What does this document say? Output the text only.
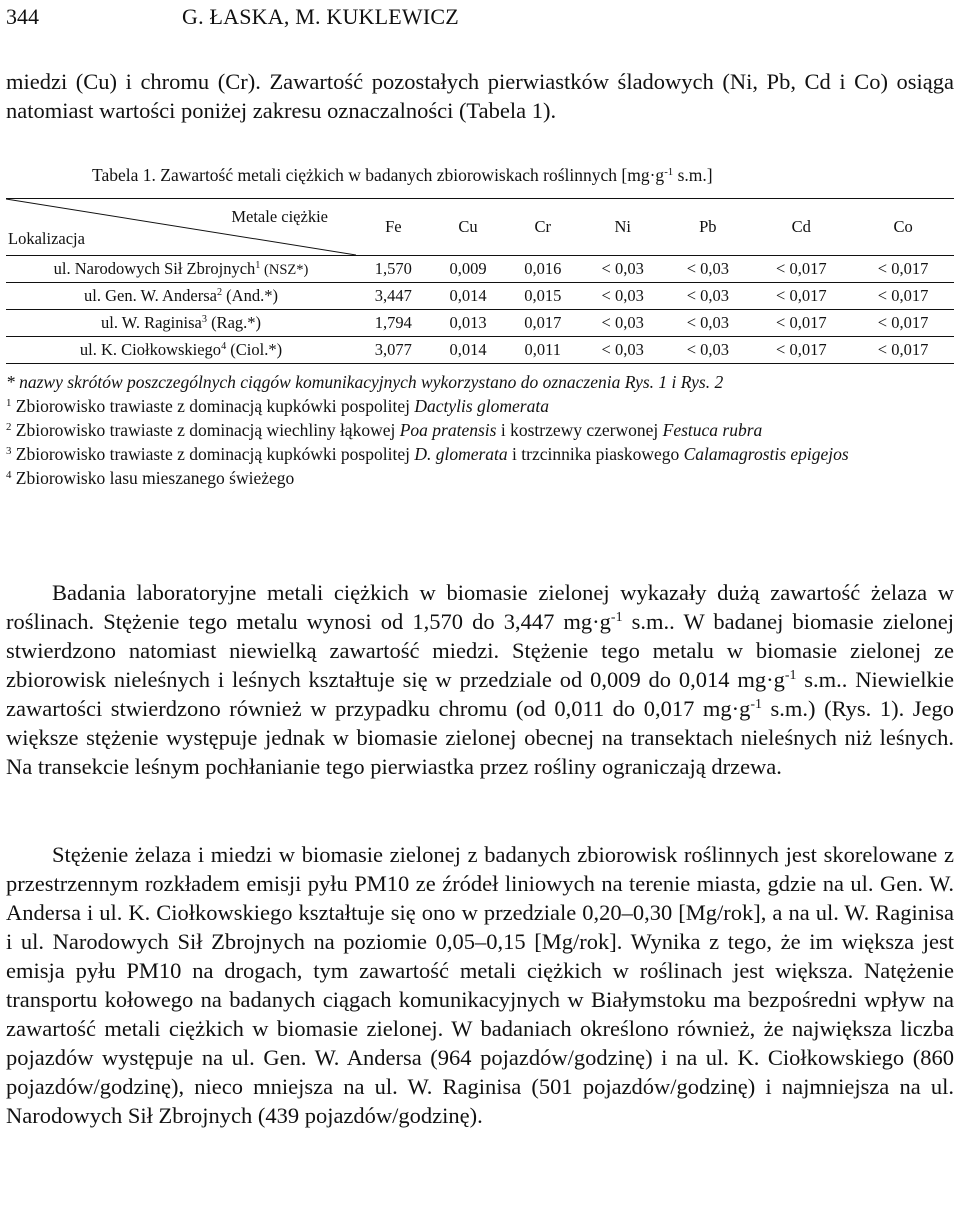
344	G. ŁASKA, M. KUKLEWICZ

miedzi (Cu) i chromu (Cr). Zawartość pozostałych pierwiastków śladowych (Ni, Pb, Cd i Co) osiąga natomiast wartości poniżej zakresu oznaczalności (Tabela 1).

Tabela 1. Zawartość metali ciężkich w badanych zbiorowiskach roślinnych [$mg\cdot g^{-1}$ s.m.]
Metale ciężkie
Lokalizacja	Fe	Cu	Cr	Ni	Pb	Cd	Co
ul. Narodowych Sił Zbrojnych$^1$ (NSZ*)	1,570	0,009	0,016	< 0,03	< 0,03	< 0,017	< 0,017
ul. Gen. W. Andersa$^2$ (And.*)	3,447	0,014	0,015	< 0,03	< 0,03	< 0,017	< 0,017
ul. W. Raginisa$^3$ (Rag.*)	1,794	0,013	0,017	< 0,03	< 0,03	< 0,017	< 0,017
ul. K. Ciołkowskiego$^4$ (Ciol.*)	3,077	0,014	0,011	< 0,03	< 0,03	< 0,017	< 0,017

* nazwy skrótów poszczególnych ciągów komunikacyjnych wykorzystano do oznaczenia Rys. 1 i Rys. 2

$^1$ Zbiorowisko trawiaste z dominacją kupkówki pospolitej Dactylis glomerata

$^2$ Zbiorowisko trawiaste z dominacją wiechliny łąkowej Poa pratensis i kostrzewy czerwonej Festuca rubra

$^3$ Zbiorowisko trawiaste z dominacją kupkówki pospolitej D. glomerata i trzcinnika piaskowego Calamagrostis epigejos

$^4$ Zbiorowisko lasu mieszanego świeżego

Badania laboratoryjne metali ciężkich w biomasie zielonej wykazały dużą zawartość żelaza w roślinach. Stężenie tego metalu wynosi od 1,570 do 3,447 $mg\cdot g^{-1}$ s.m.. W badanej biomasie zielonej stwierdzono natomiast niewielką zawartość miedzi. Stężenie tego metalu w biomasie zielonej ze zbiorowisk nieleśnych i leśnych kształtuje się w przedziale od 0,009 do 0,014 $mg\cdot g^{-1}$ s.m.. Niewielkie zawartości stwierdzono również w przypadku chromu (od 0,011 do 0,017 $mg\cdot g^{-1}$ s.m.) (Rys. 1). Jego większe stężenie występuje jednak w biomasie zielonej obecnej na transektach nieleśnych niż leśnych. Na transekcie leśnym pochłanianie tego pierwiastka przez rośliny ograniczają drzewa.

Stężenie żelaza i miedzi w biomasie zielonej z badanych zbiorowisk roślinnych jest skorelowane z przestrzennym rozkładem emisji pyłu PM10 ze źródeł liniowych na terenie miasta, gdzie na ul. Gen. W. Andersa i ul. K. Ciołkowskiego kształtuje się ono w przedziale 0,20–0,30 [Mg/rok], a na ul. W. Raginisa i ul. Narodowych Sił Zbrojnych na poziomie 0,05–0,15 [Mg/rok]. Wynika z tego, że im większa jest emisja pyłu PM10 na drogach, tym zawartość metali ciężkich w roślinach jest większa. Natężenie transportu kołowego na badanych ciągach komunikacyjnych w Białymstoku ma bezpośredni wpływ na zawartość metali ciężkich w biomasie zielonej. W badaniach określono również, że największa liczba pojazdów występuje na ul. Gen. W. Andersa (964 pojazdów/godzinę) i na ul. K. Ciołkowskiego (860 pojazdów/godzinę), nieco mniejsza na ul. W. Raginisa (501 pojazdów/godzinę) i najmniejsza na ul. Narodowych Sił Zbrojnych (439 pojazdów/godzinę).
